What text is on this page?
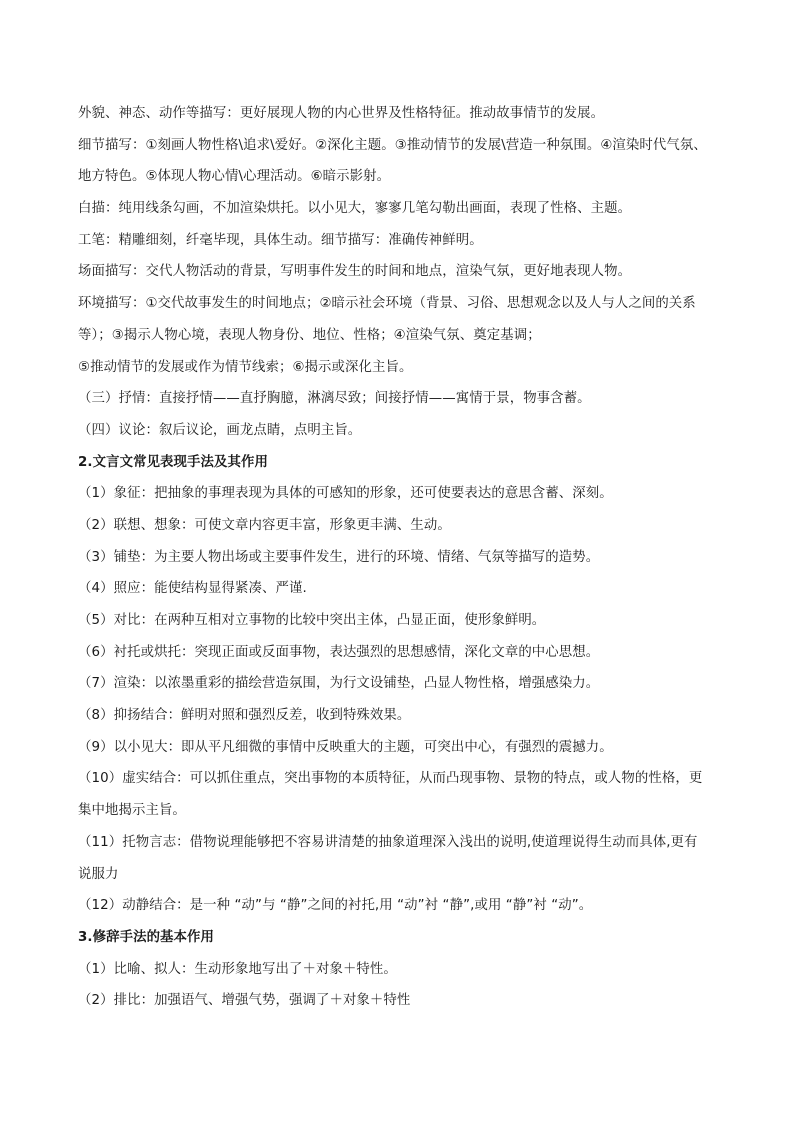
外貌、神态、动作等描写：更好展现人物的内心世界及性格特征。推动故事情节的发展。
细节描写：①刻画人物性格\追求\爱好。②深化主题。③推动情节的发展\营造一种氛围。④渲染时代气氛、
地方特色。⑤体现人物心情\心理活动。⑥暗示影射。
白描：纯用线条勾画，不加渲染烘托。以小见大，寥寥几笔勾勒出画面，表现了性格、主题。
工笔：精雕细刻，纤毫毕现，具体生动。细节描写：准确传神鲜明。
场面描写：交代人物活动的背景，写明事件发生的时间和地点，渲染气氛，更好地表现人物。
环境描写：①交代故事发生的时间地点；②暗示社会环境（背景、习俗、思想观念以及人与人之间的关系
等）；③揭示人物心境，表现人物身份、地位、性格；④渲染气氛、奠定基调；
⑤推动情节的发展或作为情节线索；⑥揭示或深化主旨。
（三）抒情：直接抒情——直抒胸臆，淋漓尽致；间接抒情——寓情于景，物事含蓄。
（四）议论：叙后议论，画龙点睛，点明主旨。
2.文言文常见表现手法及其作用
（1）象征：把抽象的事理表现为具体的可感知的形象，还可使要表达的意思含蓄、深刻。
（2）联想、想象：可使文章内容更丰富，形象更丰满、生动。
（3）铺垫：为主要人物出场或主要事件发生，进行的环境、情绪、气氛等描写的造势。
（4）照应：能使结构显得紧凑、严谨.
（5）对比：在两种互相对立事物的比较中突出主体，凸显正面，使形象鲜明。
（6）衬托或烘托：突现正面或反面事物，表达强烈的思想感情，深化文章的中心思想。
（7）渲染：以浓墨重彩的描绘营造氛围，为行文设铺垫，凸显人物性格，增强感染力。
（8）抑扬结合：鲜明对照和强烈反差，收到特殊效果。
（9）以小见大：即从平凡细微的事情中反映重大的主题，可突出中心，有强烈的震撼力。
（10）虚实结合：可以抓住重点，突出事物的本质特征，从而凸现事物、景物的特点，或人物的性格，更
集中地揭示主旨。
（11）托物言志：借物说理能够把不容易讲清楚的抽象道理深入浅出的说明,使道理说得生动而具体,更有
说服力
（12）动静结合：是一种 “动”与 “静”之间的衬托,用 “动”衬 “静”,或用 “静”衬 “动”。
3.修辞手法的基本作用
（1）比喻、拟人：生动形象地写出了＋对象＋特性。
（2）排比：加强语气、增强气势，强调了＋对象＋特性
